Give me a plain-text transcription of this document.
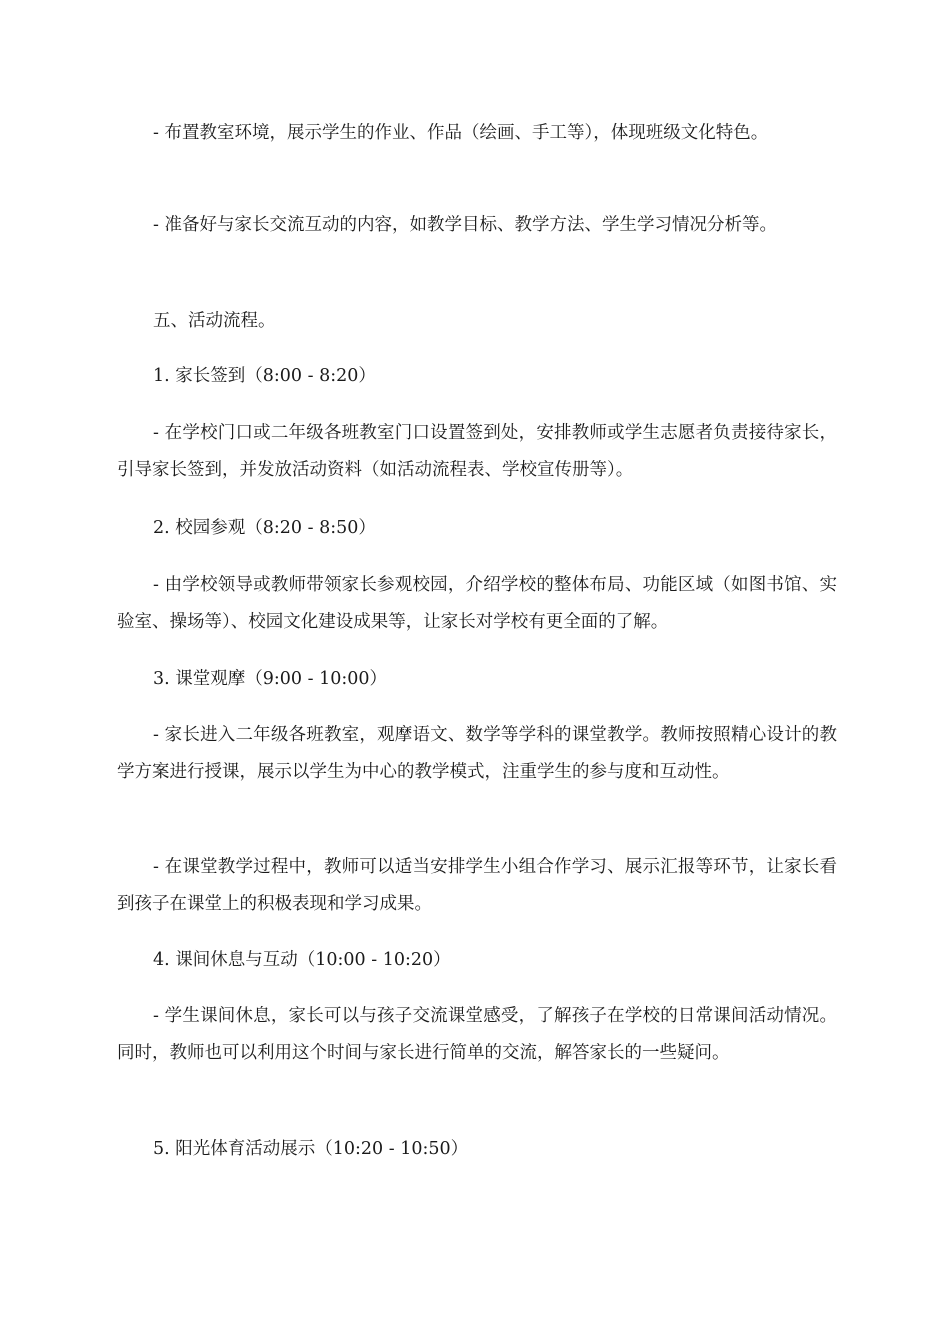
- 布置教室环境，展示学生的作业、作品（绘画、手工等），体现班级文化特色。

- 准备好与家长交流互动的内容，如教学目标、教学方法、学生学习情况分析等。

五、活动流程。

1. 家长签到（8:00 - 8:20）

- 在学校门口或二年级各班教室门口设置签到处，安排教师或学生志愿者负责接待家长，引导家长签到，并发放活动资料（如活动流程表、学校宣传册等）。

2. 校园参观（8:20 - 8:50）

- 由学校领导或教师带领家长参观校园，介绍学校的整体布局、功能区域（如图书馆、实验室、操场等）、校园文化建设成果等，让家长对学校有更全面的了解。

3. 课堂观摩（9:00 - 10:00）

- 家长进入二年级各班教室，观摩语文、数学等学科的课堂教学。教师按照精心设计的教学方案进行授课，展示以学生为中心的教学模式，注重学生的参与度和互动性。

- 在课堂教学过程中，教师可以适当安排学生小组合作学习、展示汇报等环节，让家长看到孩子在课堂上的积极表现和学习成果。

4. 课间休息与互动（10:00 - 10:20）

- 学生课间休息，家长可以与孩子交流课堂感受，了解孩子在学校的日常课间活动情况。同时，教师也可以利用这个时间与家长进行简单的交流，解答家长的一些疑问。

5. 阳光体育活动展示（10:20 - 10:50）
